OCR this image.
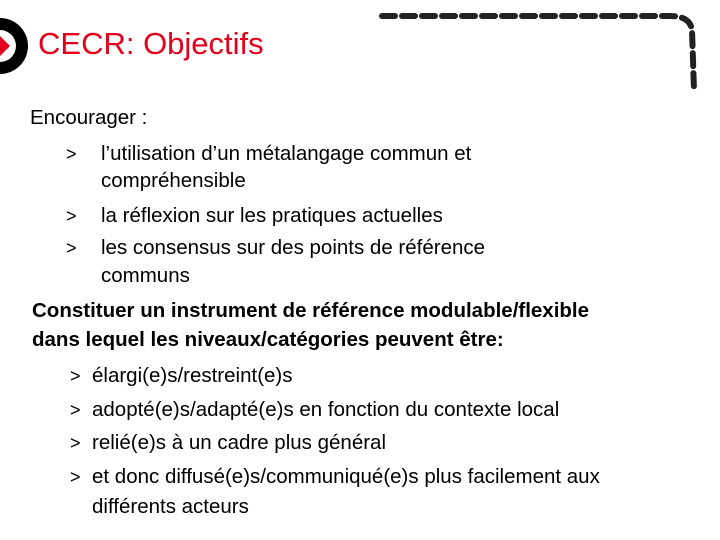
CECR: Objectifs
Encourager :
> l’utilisation d’un métalangage commun et
compréhensible
> la réflexion sur les pratiques actuelles
> les consensus sur des points de référence
communs
Constituer un instrument de référence modulable/flexible
dans lequel les niveaux/catégories peuvent être:
> élargi(e)s/restreint(e)s
> adopté(e)s/adapté(e)s en fonction du contexte local
> relié(e)s à un cadre plus général
> et donc diffusé(e)s/communiqué(e)s plus facilement aux
différents acteurs
